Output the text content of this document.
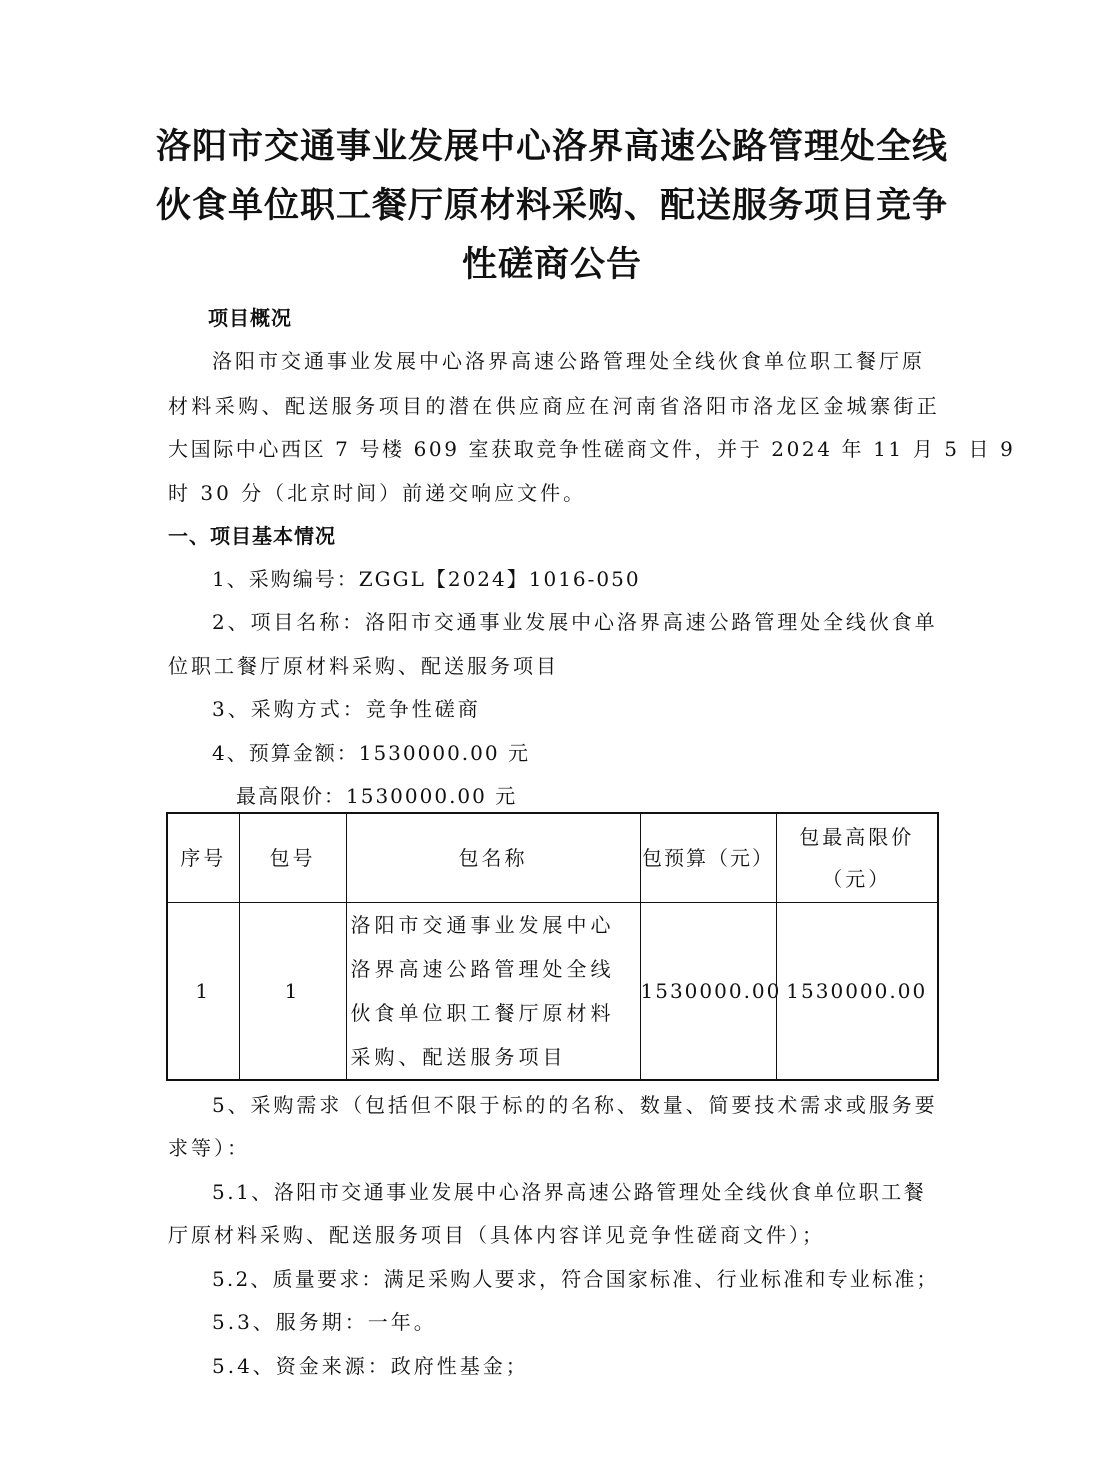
洛阳市交通事业发展中心洛界高速公路管理处全线伙食单位职工餐厅原材料采购、配送服务项目竞争性磋商公告
项目概况
洛阳市交通事业发展中心洛界高速公路管理处全线伙食单位职工餐厅原
材料采购、配送服务项目的潜在供应商应在河南省洛阳市洛龙区金城寨街正
大国际中心西区 7 号楼 609 室获取竞争性磋商文件，并于 2024 年 11 月 5 日 9
时 30 分（北京时间）前递交响应文件。
一、项目基本情况
1、采购编号：ZGGL【2024】1016-050
2、项目名称：洛阳市交通事业发展中心洛界高速公路管理处全线伙食单
位职工餐厅原材料采购、配送服务项目
3、采购方式：竞争性磋商
4、预算金额：1530000.00 元
最高限价：1530000.00 元
序号	包号	包名称	包预算（元）	包最高限价（元）
1	1	洛阳市交通事业发展中心洛界高速公路管理处全线伙食单位职工餐厅原材料采购、配送服务项目	1530000.00	1530000.00
5、采购需求（包括但不限于标的的名称、数量、简要技术需求或服务要
求等）：
5.1、洛阳市交通事业发展中心洛界高速公路管理处全线伙食单位职工餐
厅原材料采购、配送服务项目（具体内容详见竞争性磋商文件）；
5.2、质量要求：满足采购人要求，符合国家标准、行业标准和专业标准；
5.3、服务期：一年。
5.4、资金来源：政府性基金；
